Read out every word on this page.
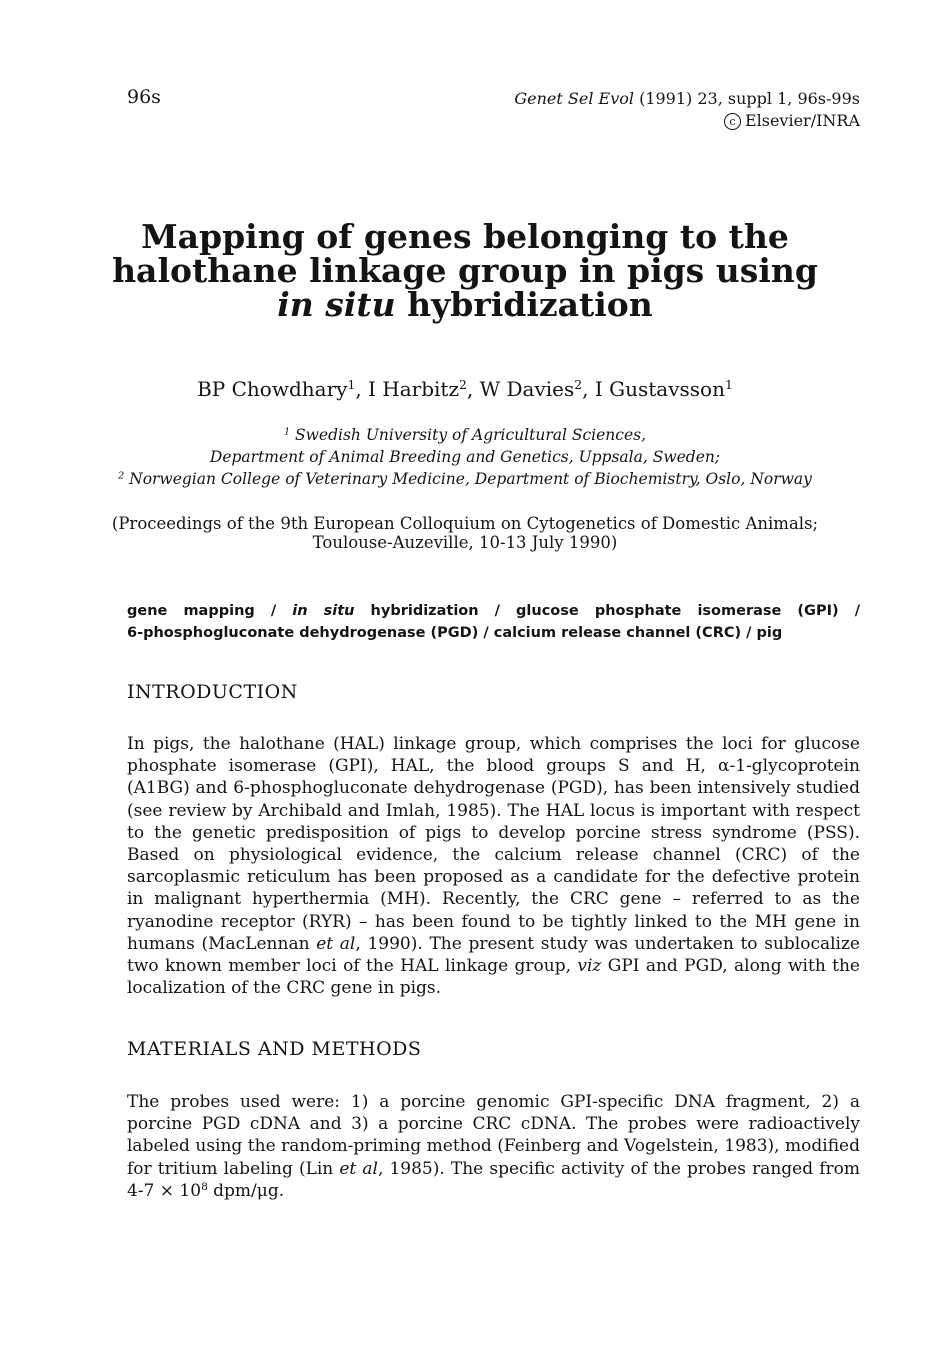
96s	Genet Sel Evol (1991) 23, suppl 1, 96s-99s
c Elsevier/INRA
Mapping of genes belonging to the
halothane linkage group in pigs using
in situ hybridization
BP Chowdhary$^1$, I Harbitz$^2$, W Davies$^2$, I Gustavsson$^1$
$^1$ Swedish University of Agricultural Sciences,
Department of Animal Breeding and Genetics, Uppsala, Sweden;
$^2$ Norwegian College of Veterinary Medicine, Department of Biochemistry, Oslo, Norway
(Proceedings of the 9th European Colloquium on Cytogenetics of Domestic Animals;
Toulouse-Auzeville, 10-13 July 1990)
gene mapping / in situ hybridization / glucose phosphate isomerase (GPI) /
6-phosphogluconate dehydrogenase (PGD) / calcium release channel (CRC) / pig
INTRODUCTION

In pigs, the halothane (HAL) linkage group, which comprises the loci for glucose phosphate isomerase (GPI), HAL, the blood groups S and H, α-1-glycoprotein (A1BG) and 6-phosphogluconate dehydrogenase (PGD), has been intensively studied (see review by Archibald and Imlah, 1985). The HAL locus is important with respect to the genetic predisposition of pigs to develop porcine stress syndrome (PSS). Based on physiological evidence, the calcium release channel (CRC) of the sarcoplasmic reticulum has been proposed as a candidate for the defective protein in malignant hyperthermia (MH). Recently, the CRC gene – referred to as the ryanodine receptor (RYR) – has been found to be tightly linked to the MH gene in humans (MacLennan et al, 1990). The present study was undertaken to sublocalize two known member loci of the HAL linkage group, viz GPI and PGD, along with the localization of the CRC gene in pigs.

MATERIALS AND METHODS

The probes used were: 1) a porcine genomic GPI-specific DNA fragment, 2) a porcine PGD cDNA and 3) a porcine CRC cDNA. The probes were radioactively labeled using the random-priming method (Feinberg and Vogelstein, 1983), modified for tritium labeling (Lin et al, 1985). The specific activity of the probes ranged from $4-7 \times 10^8$ dpm/μg.
